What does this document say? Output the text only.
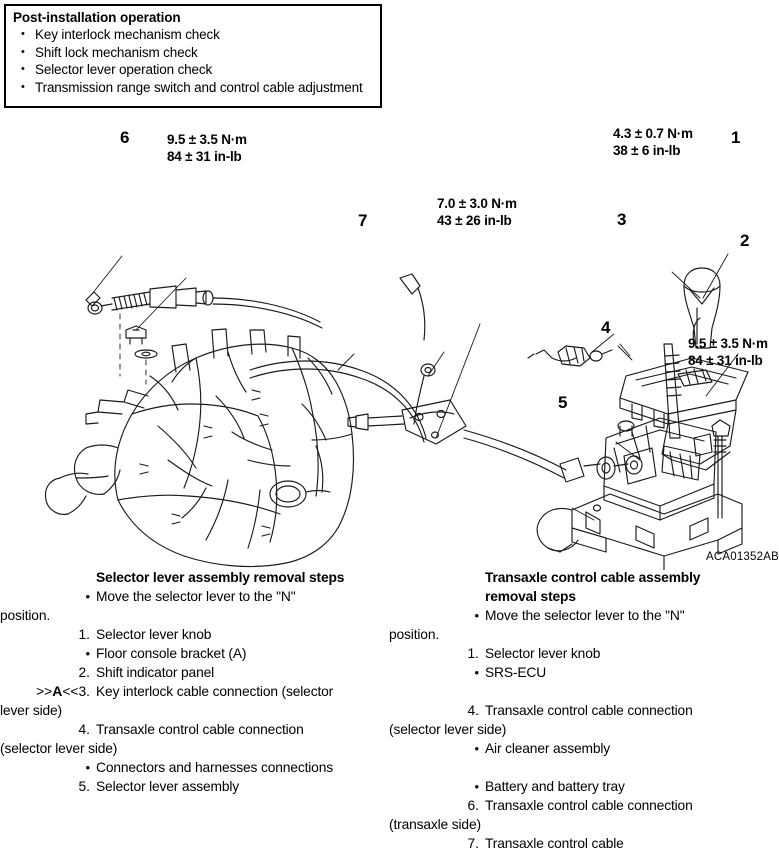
Post-installation operation
• Key interlock mechanism check
• Shift lock mechanism check
• Selector lever operation check
• Transmission range switch and control cable adjustment
9.5 ± 3.5 N·m
84 ± 31 in-lb
7.0 ± 3.0 N·m
43 ± 26 in-lb
4.3 ± 0.7 N·m
38 ± 6 in-lb
9.5 ± 3.5 N·m
84 ± 31 in-lb
1
2
3
4
5
6
7
ACA01352AB
Selector lever assembly removal steps
• Move the selector lever to the "N"
position.
1. Selector lever knob
• Floor console bracket (A)
2. Shift indicator panel
>>A<<3. Key interlock cable connection (selector
lever side)
4. Transaxle control cable connection
(selector lever side)
• Connectors and harnesses connections
5. Selector lever assembly
Transaxle control cable assembly removal steps
• Move the selector lever to the "N"
position.
1. Selector lever knob
• SRS-ECU
4. Transaxle control cable connection
(selector lever side)
• Air cleaner assembly
• Battery and battery tray
6. Transaxle control cable connection
(transaxle side)
7. Transaxle control cable
